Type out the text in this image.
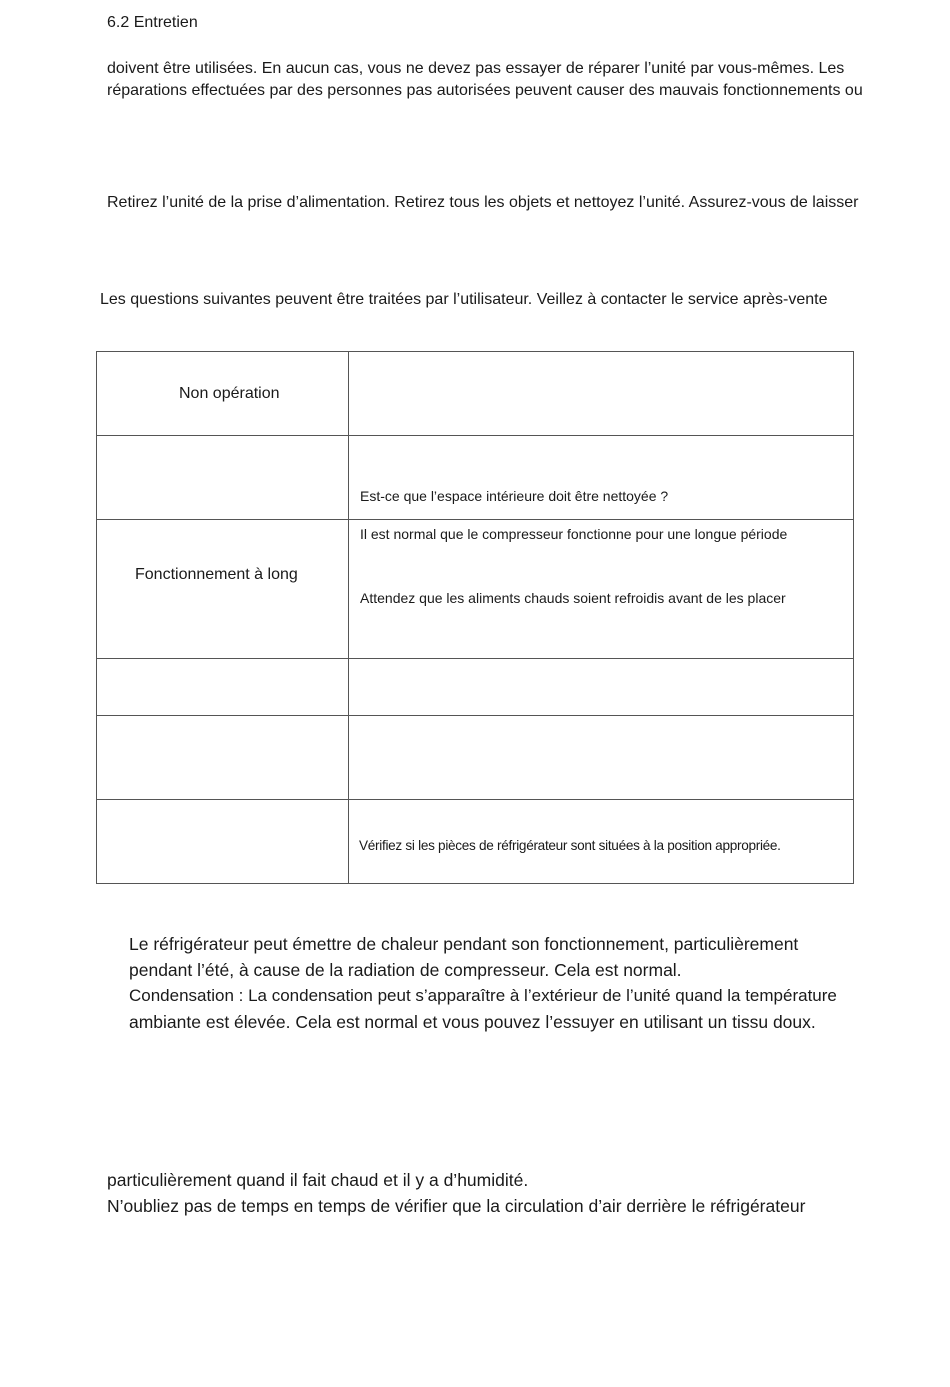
6.2 Entretien
doivent être utilisées. En aucun cas, vous ne devez pas essayer de réparer l’unité par vous-mêmes. Les
réparations effectuées par des personnes pas autorisées peuvent causer des mauvais fonctionnements ou
Retirez l’unité de la prise d’alimentation. Retirez tous les objets et nettoyez l’unité. Assurez-vous de laisser
Les questions suivantes peuvent être traitées par l’utilisateur. Veillez à contacter le service après-vente
Non opération	

	Est-ce que l’espace intérieure doit être nettoyée ?

Fonctionnement à long	Il est normal que le compresseur fonctionne pour une longue période
Attendez que les aliments chauds soient refroidis avant de les placer

	Vérifiez si les pièces de réfrigérateur sont situées à la position appropriée.
Le réfrigérateur peut émettre de chaleur pendant son fonctionnement, particulièrement
pendant l’été, à cause de la radiation de compresseur. Cela est normal.
Condensation : La condensation peut s’apparaître à l’extérieur de l’unité quand la température
ambiante est élevée. Cela est normal et vous pouvez l’essuyer en utilisant un tissu doux.
particulièrement quand il fait chaud et il y a d’humidité.
N’oubliez pas de temps en temps de vérifier que la circulation d’air derrière le réfrigérateur
